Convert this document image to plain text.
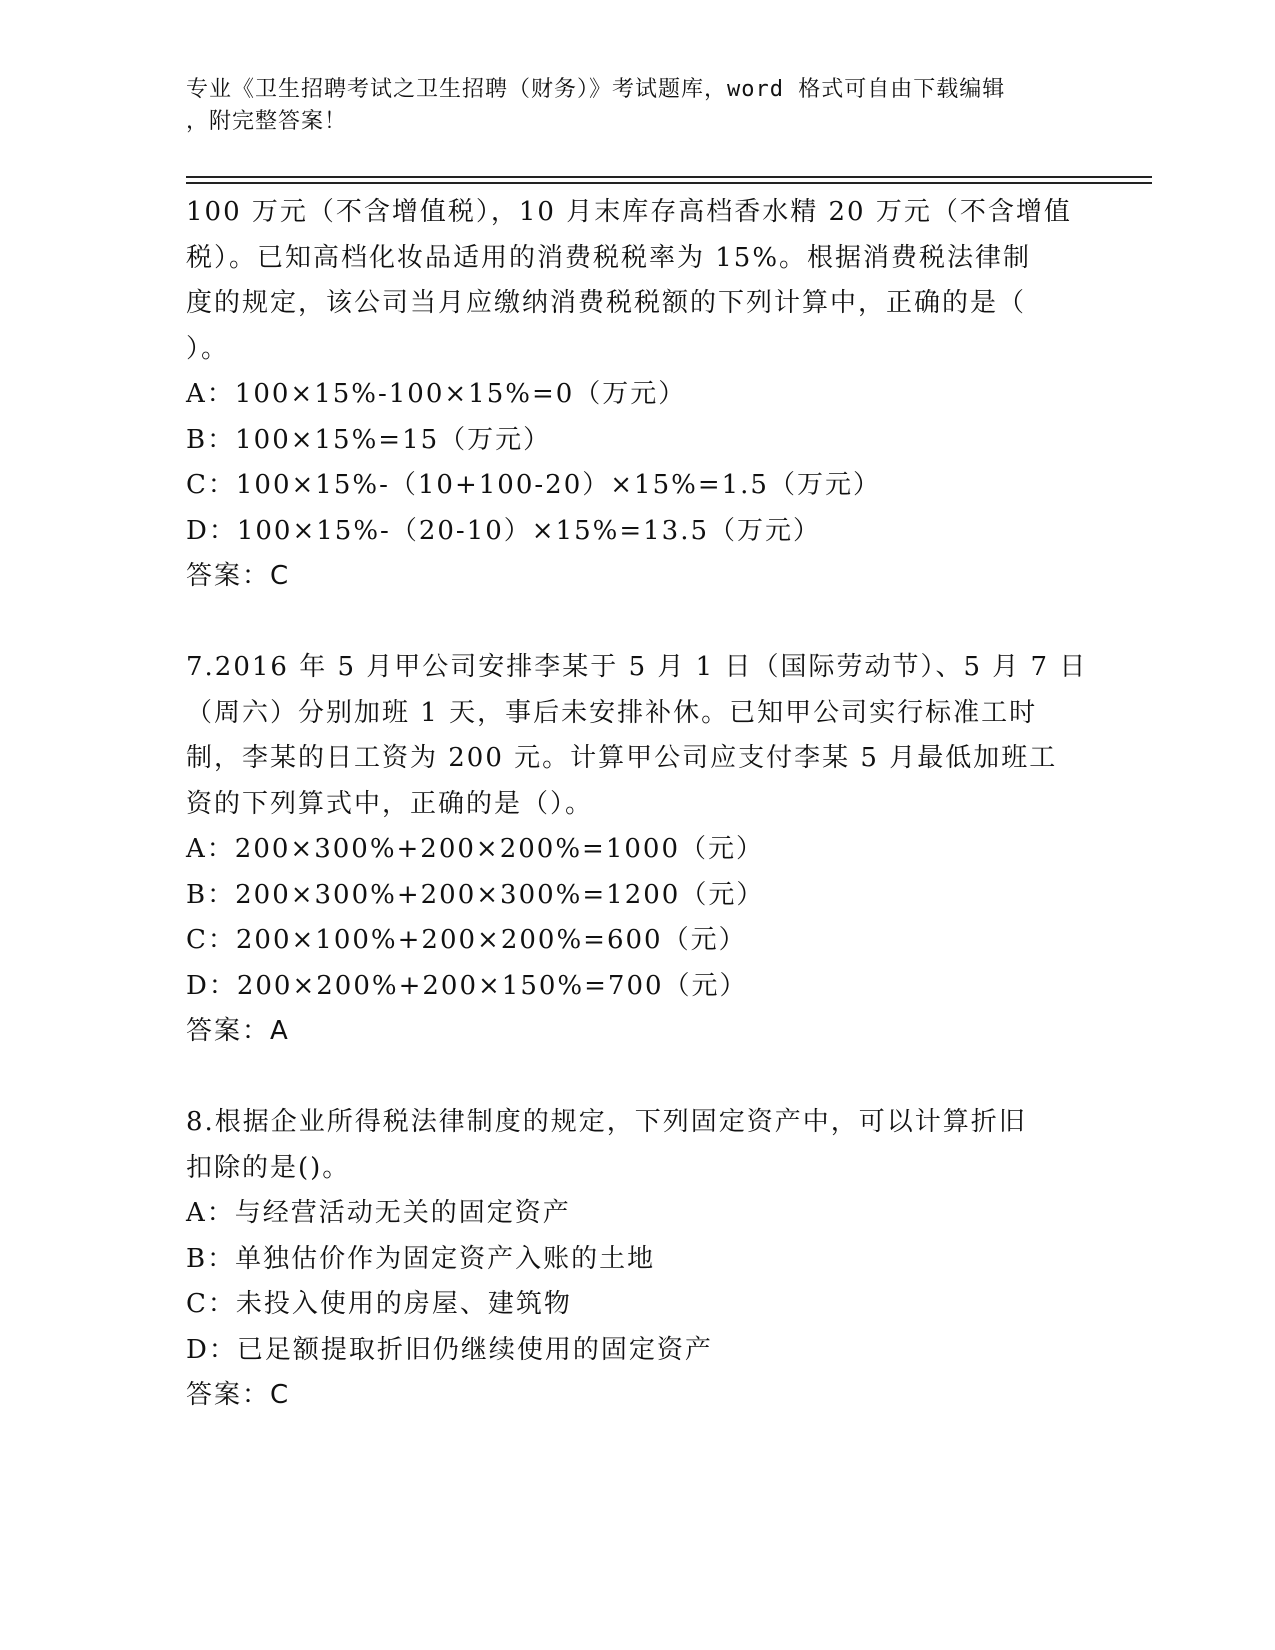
专业《卫生招聘考试之卫生招聘（财务）》考试题库，word 格式可自由下载编辑
，附完整答案！
100 万元（不含增值税），10 月末库存高档香水精 20 万元（不含增值
税）。已知高档化妆品适用的消费税税率为 15%。根据消费税法律制
度的规定，该公司当月应缴纳消费税税额的下列计算中，正确的是（
）。
A：100×15%-100×15%=0（万元）
B：100×15%=15（万元）
C：100×15%-（10+100-20）×15%=1.5（万元）
D：100×15%-（20-10）×15%=13.5（万元）
答案：C
7.2016 年 5 月甲公司安排李某于 5 月 1 日（国际劳动节）、5 月 7 日
（周六）分别加班 1 天，事后未安排补休。已知甲公司实行标准工时
制，李某的日工资为 200 元。计算甲公司应支付李某 5 月最低加班工
资的下列算式中，正确的是（）。
A：200×300%+200×200%=1000（元）
B：200×300%+200×300%=1200（元）
C：200×100%+200×200%=600（元）
D：200×200%+200×150%=700（元）
答案：A
8.根据企业所得税法律制度的规定，下列固定资产中，可以计算折旧
扣除的是()。
A：与经营活动无关的固定资产
B：单独估价作为固定资产入账的土地
C：未投入使用的房屋、建筑物
D：已足额提取折旧仍继续使用的固定资产
答案：C
